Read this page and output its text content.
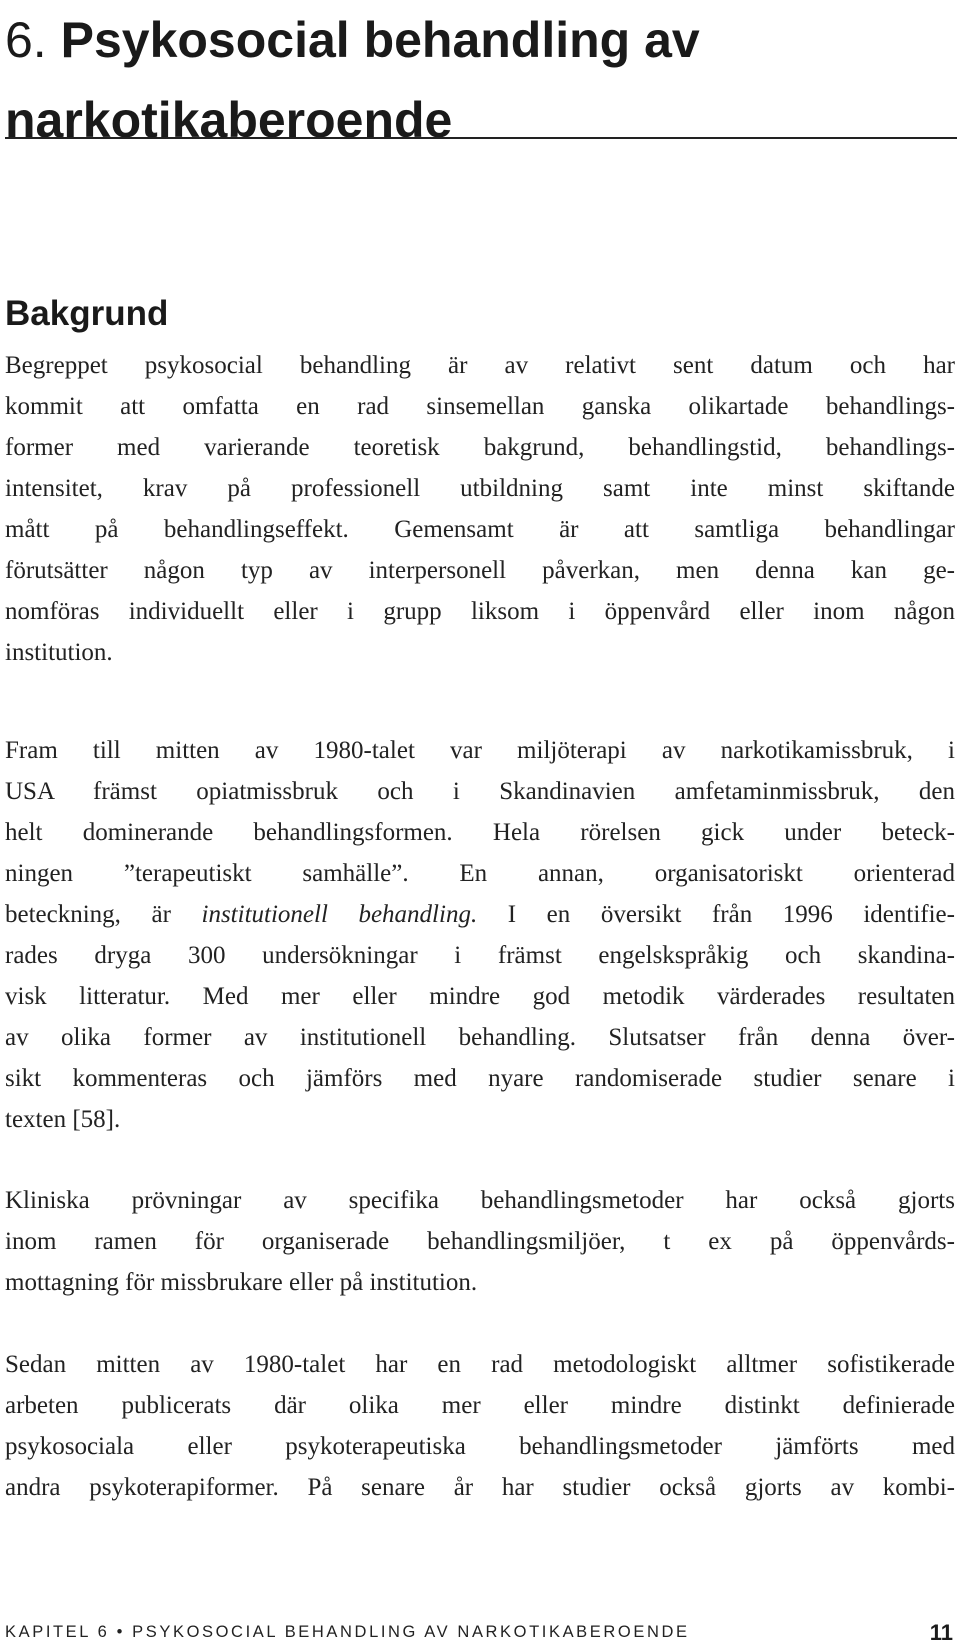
6. Psykosocial behandling av
narkotikaberoende
Bakgrund

Begreppet psykosocial behandling är av relativt sent datum och har
kommit att omfatta en rad sinsemellan ganska olikartade behandlings-
former med varierande teoretisk bakgrund, behandlingstid, behandlings-
intensitet, krav på professionell utbildning samt inte minst skiftande
mått på behandlingseffekt. Gemensamt är att samtliga behandlingar
förutsätter någon typ av interpersonell påverkan, men denna kan ge-
nomföras individuellt eller i grupp liksom i öppenvård eller inom någon
institution.

Fram till mitten av 1980-talet var miljöterapi av narkotikamissbruk, i
USA främst opiatmissbruk och i Skandinavien amfetaminmissbruk, den
helt dominerande behandlingsformen. Hela rörelsen gick under beteck-
ningen ”terapeutiskt samhälle”. En annan, organisatoriskt orienterad
beteckning, är institutionell behandling. I en översikt från 1996 identifie-
rades dryga 300 undersökningar i främst engelskspråkig och skandina-
visk litteratur. Med mer eller mindre god metodik värderades resultaten
av olika former av institutionell behandling. Slutsatser från denna över-
sikt kommenteras och jämförs med nyare randomiserade studier senare i
texten [58].

Kliniska prövningar av specifika behandlingsmetoder har också gjorts
inom ramen för organiserade behandlingsmiljöer, t ex på öppenvårds-
mottagning för missbrukare eller på institution.

Sedan mitten av 1980-talet har en rad metodologiskt alltmer sofistikerade
arbeten publicerats där olika mer eller mindre distinkt definierade
psykosociala eller psykoterapeutiska behandlingsmetoder jämförts med
andra psykoterapiformer. På senare år har studier också gjorts av kombi-

KAPITEL 6 • PSYKOSOCIAL BEHANDLING AV NARKOTIKABEROENDE	11
